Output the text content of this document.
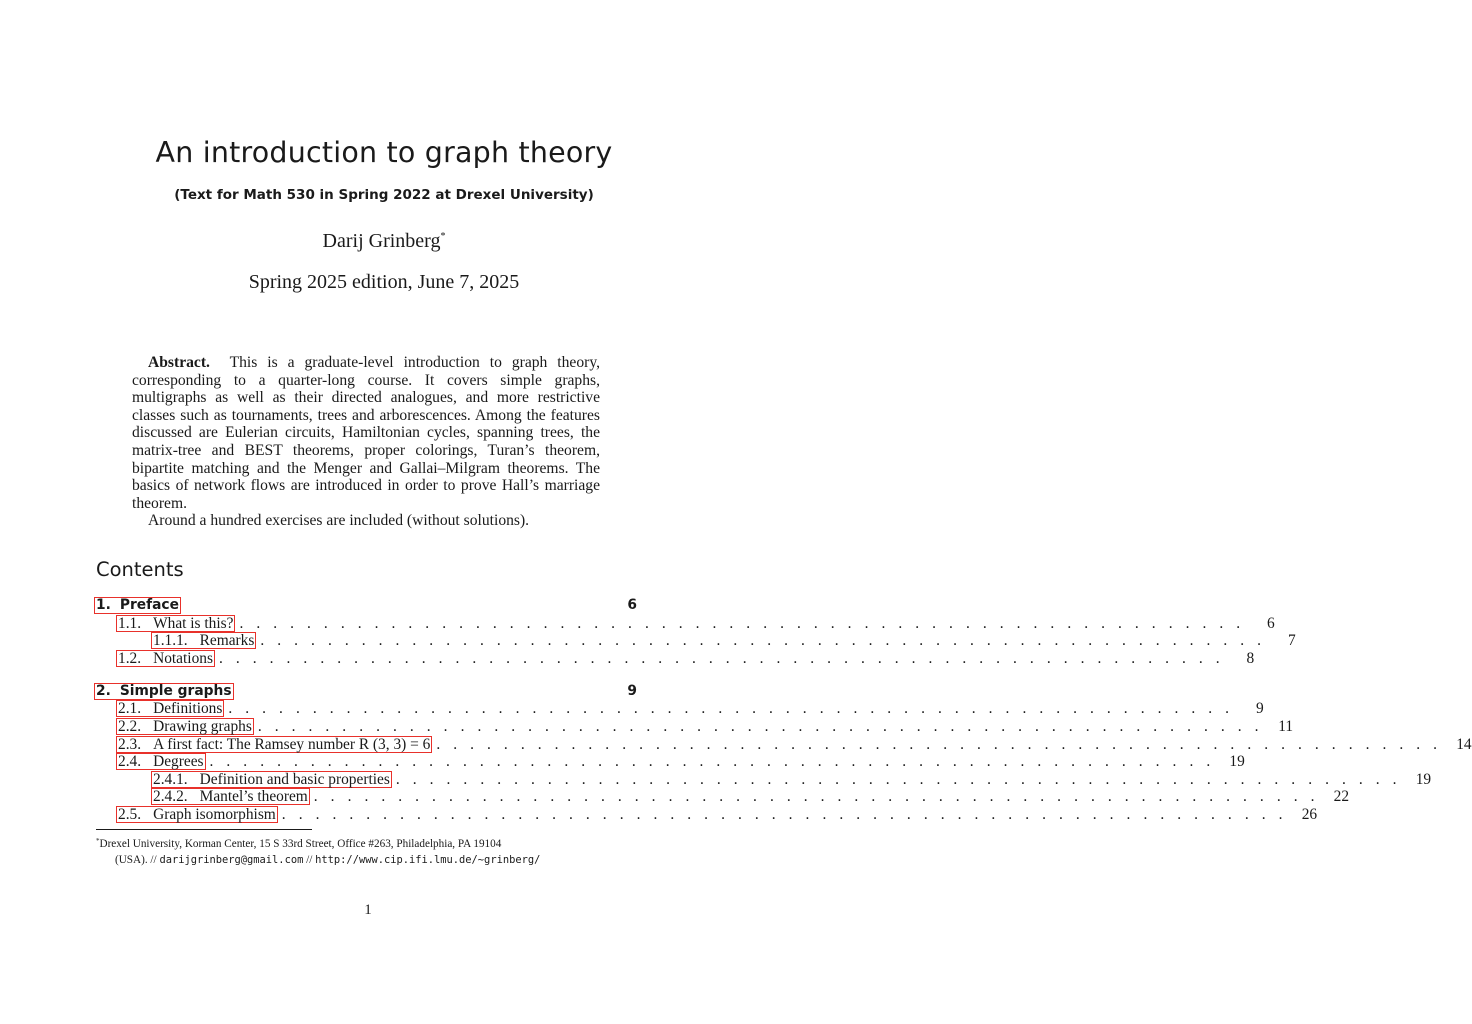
An introduction to graph theory
(Text for Math 530 in Spring 2022 at Drexel University)
Darij Grinberg*
Spring 2025 edition, June 7, 2025

Abstract. This is a graduate-level introduction to graph theory, corresponding to a quarter-long course. It covers simple graphs, multigraphs as well as their directed analogues, and more restrictive classes such as tournaments, trees and arborescences. Among the features discussed are Eulerian circuits, Hamiltonian cycles, spanning trees, the matrix-tree and BEST theorems, proper colorings, Turan’s theorem, bipartite matching and the Menger and Gallai–Milgram theorems. The basics of network flows are introduced in order to prove Hall’s marriage theorem.

Around a hundred exercises are included (without solutions).

Contents
1. Preface	6
1.1. What is this? . . . . . . . . . . . . . . . . . . . . . . . . . . . . . . . . . . . . . . . . . . . . . . . . . . . . . . . . . . . .	6
1.1.1. Remarks . . . . . . . . . . . . . . . . . . . . . . . . . . . . . . . . . . . . . . . . . . . . . . . . . . . . . . . . . . . .	7
1.2. Notations . . . . . . . . . . . . . . . . . . . . . . . . . . . . . . . . . . . . . . . . . . . . . . . . . . . . . . . . . . . .	8
2. Simple graphs	9
2.1. Definitions . . . . . . . . . . . . . . . . . . . . . . . . . . . . . . . . . . . . . . . . . . . . . . . . . . . . . . . . . . . .	9
2.2. Drawing graphs . . . . . . . . . . . . . . . . . . . . . . . . . . . . . . . . . . . . . . . . . . . . . . . . . . . . . . . . . . . . 11
2.3. A first fact: The Ramsey number R (3, 3) = 6 . . . . . . . . . . . . . . . . . . . . . . . . . . . . . . . . . . . . . . . . . . . . . . . . . . . . . . . . . . . . 14
2.4. Degrees . . . . . . . . . . . . . . . . . . . . . . . . . . . . . . . . . . . . . . . . . . . . . . . . . . . . . . . . . . . . 19
2.4.1. Definition and basic properties . . . . . . . . . . . . . . . . . . . . . . . . . . . . . . . . . . . . . . . . . . . . . . . . . . . . . . . . . . . . 19
2.4.2. Mantel’s theorem . . . . . . . . . . . . . . . . . . . . . . . . . . . . . . . . . . . . . . . . . . . . . . . . . . . . . . . . . . . . 22
2.5. Graph isomorphism . . . . . . . . . . . . . . . . . . . . . . . . . . . . . . . . . . . . . . . . . . . . . . . . . . . . . . . . . . . . 26
*Drexel University, Korman Center, 15 S 33rd Street, Office #263, Philadelphia, PA 19104
(USA). // darijgrinberg@gmail.com // http://www.cip.ifi.lmu.de/~grinberg/
1
